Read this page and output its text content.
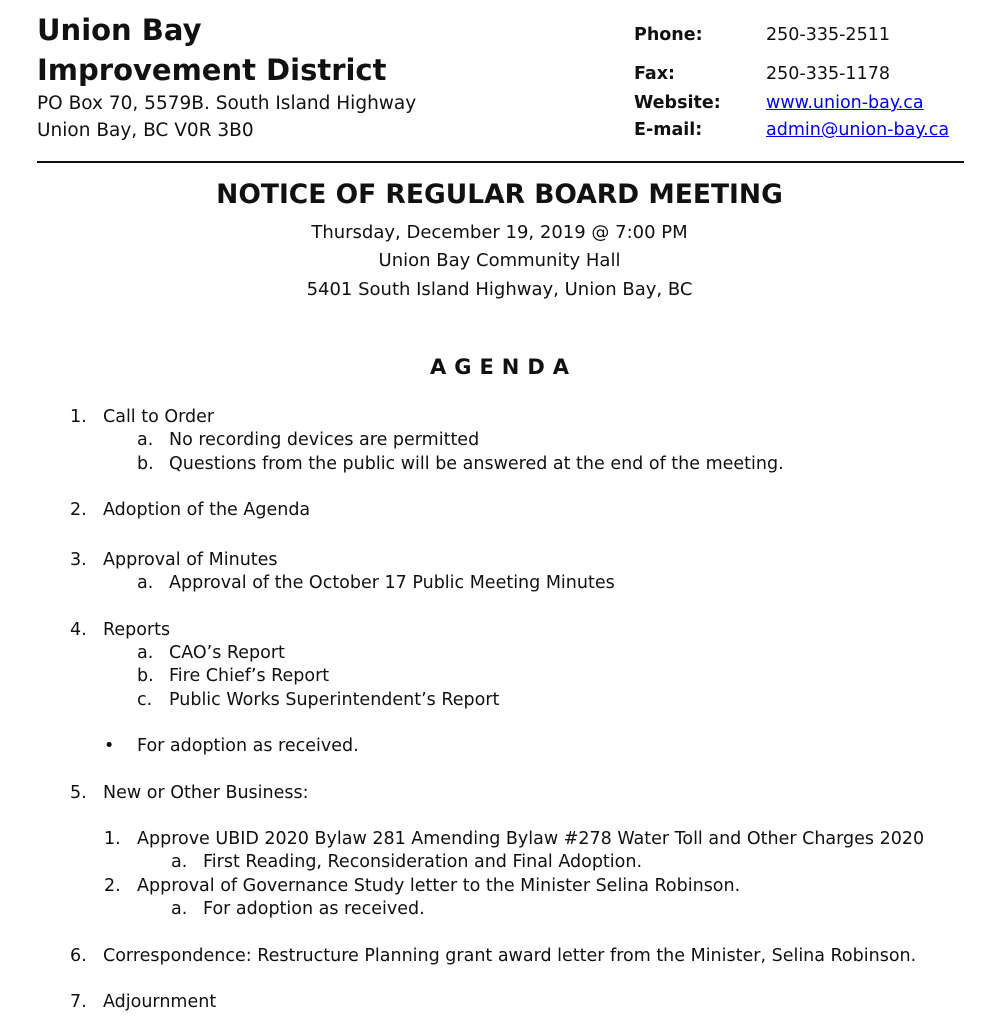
Union Bay
Improvement District
PO Box 70, 5579B. South Island Highway
Union Bay, BC V0R 3B0
Phone:	250-335-2511
Fax:	250-335-1178
Website:	www.union-bay.ca
E-mail:	admin@union-bay.ca
NOTICE OF REGULAR BOARD MEETING
Thursday, December 19, 2019 @ 7:00 PM
Union Bay Community Hall
5401 South Island Highway, Union Bay, BC
AGENDA
1. Call to Order
a. No recording devices are permitted
b. Questions from the public will be answered at the end of the meeting.
2. Adoption of the Agenda
3. Approval of Minutes
a. Approval of the October 17 Public Meeting Minutes
4. Reports
a. CAO’s Report
b. Fire Chief’s Report
c. Public Works Superintendent’s Report
• For adoption as received.
5. New or Other Business:
1. Approve UBID 2020 Bylaw 281 Amending Bylaw #278 Water Toll and Other Charges 2020
a. First Reading, Reconsideration and Final Adoption.
2. Approval of Governance Study letter to the Minister Selina Robinson.
a. For adoption as received.
6. Correspondence: Restructure Planning grant award letter from the Minister, Selina Robinson.
7. Adjournment
